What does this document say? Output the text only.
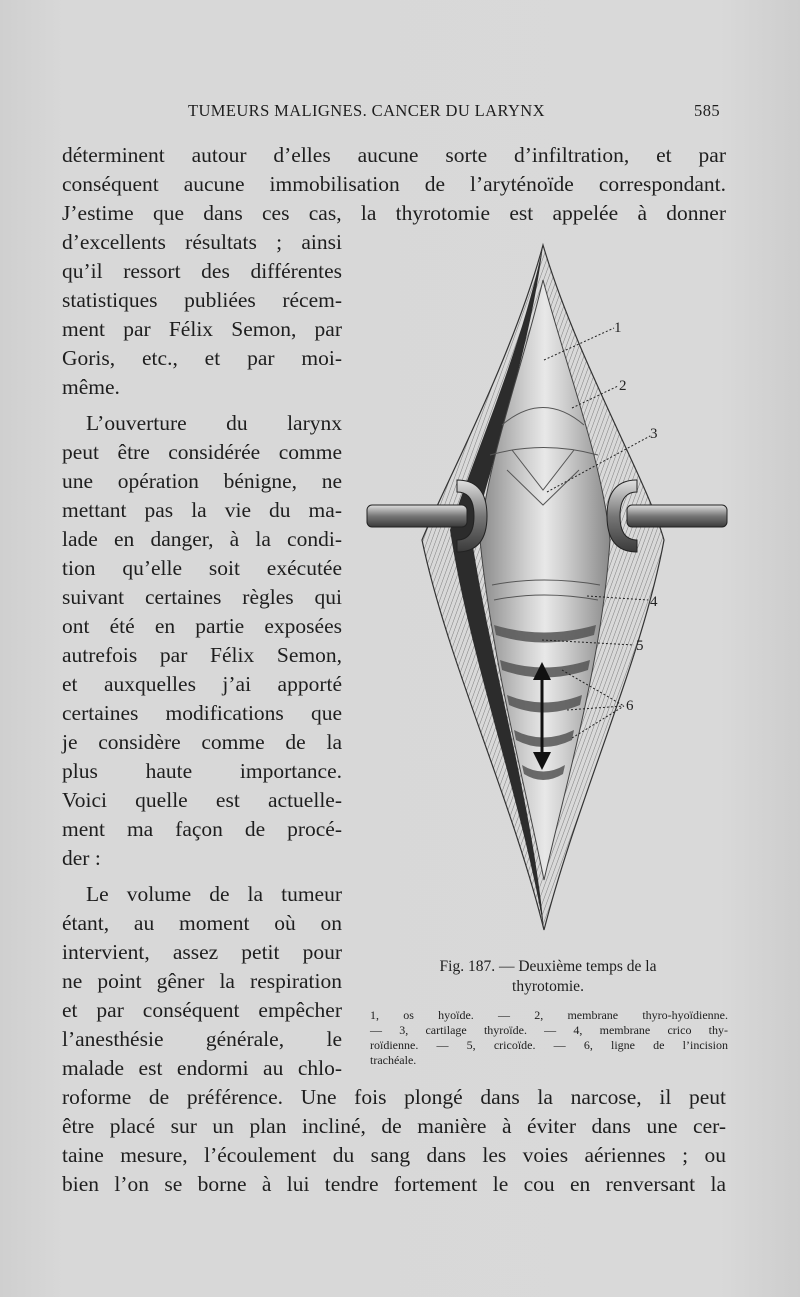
TUMEURS MALIGNES. CANCER DU LARYNX	585
déterminent autour d’elles aucune sorte d’infiltration, et par
conséquent aucune immobilisation de l’aryténoïde correspondant.
J’estime que dans ces cas, la thyrotomie est appelée à donner
d’excellents résultats ; ainsi
qu’il ressort des différentes
statistiques publiées récem-
ment par Félix Semon, par
Goris, etc., et par moi-
même.
L’ouverture du larynx
peut être considérée comme
une opération bénigne, ne
mettant pas la vie du ma-
lade en danger, à la condi-
tion qu’elle soit exécutée
suivant certaines règles qui
ont été en partie exposées
autrefois par Félix Semon,
et auxquelles j’ai apporté
certaines modifications que
je considère comme de la
plus haute importance.
Voici quelle est actuelle-
ment ma façon de procé-
der :
Le volume de la tumeur
étant, au moment où on
intervient, assez petit pour
ne point gêner la respiration
et par conséquent empêcher
l’anesthésie générale, le
malade est endormi au chlo-
roforme de préférence. Une fois plongé dans la narcose, il peut
être placé sur un plan incliné, de manière à éviter dans une cer-
taine mesure, l’écoulement du sang dans les voies aériennes ; ou
bien l’on se borne à lui tendre fortement le cou en renversant la
1
2
3
4
5
6
Fig. 187. — Deuxième temps de la
thyrotomie.
1, os hyoïde. — 2, membrane thyro-hyoïdienne.
— 3, cartilage thyroïde. — 4, membrane crico thy-
roïdienne. — 5, cricoïde. — 6, ligne de l’incision
trachéale.
